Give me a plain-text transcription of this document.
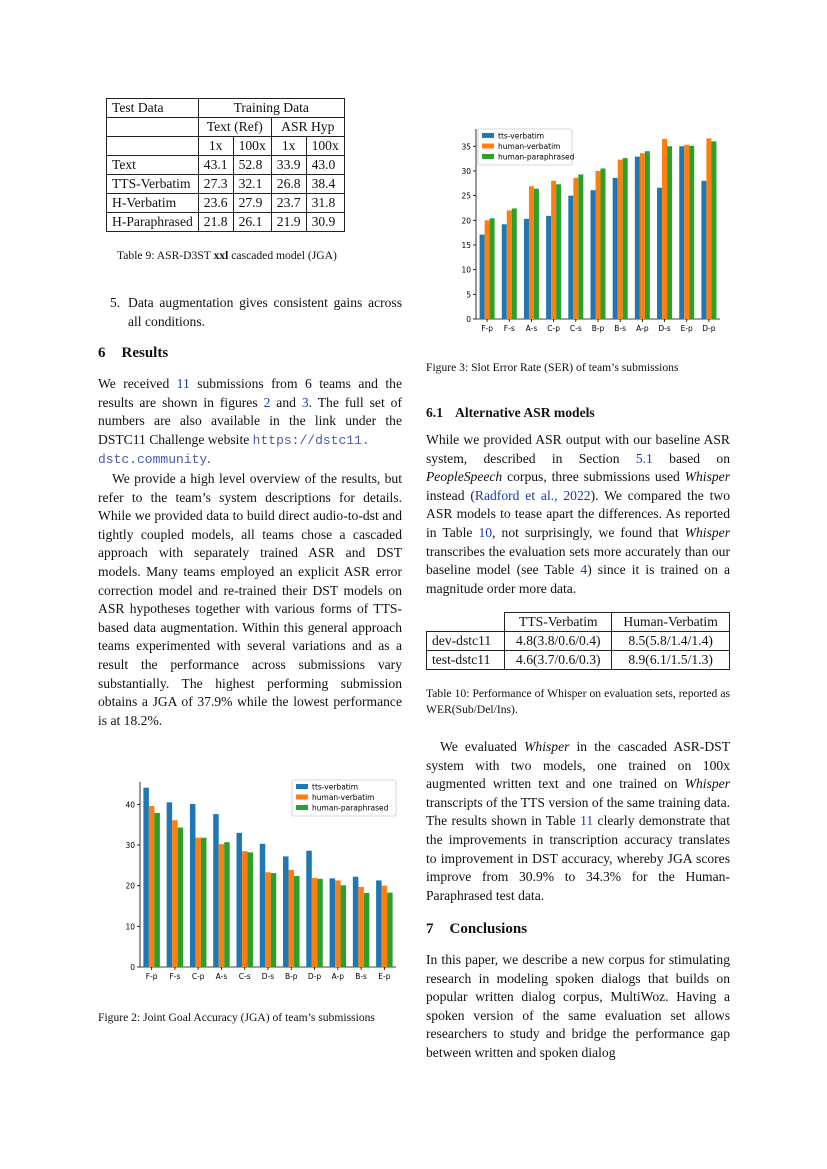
Test Data	Training Data			
	Text (Ref)		ASR Hyp	
	1x	100x	1x	100x
Text	43.1	52.8	33.9	43.0
TTS-Verbatim	27.3	32.1	26.8	38.4
H-Verbatim	23.6	27.9	23.7	31.8
H-Paraphrased	21.8	26.1	21.9	30.9
Table 9: ASR-D3ST xxl cascaded model (JGA)
5. Data augmentation gives consistent gains across all conditions.
6 Results

We received 11 submissions from 6 teams and the results are shown in figures 2 and 3. The full set of numbers are also available in the link under the DSTC11 Challenge website https://dstc11.
dstc.community.

We provide a high level overview of the results, but refer to the team’s system descriptions for details. While we provided data to build direct audio-to-dst and tightly coupled models, all teams chose a cascaded approach with separately trained ASR and DST models. Many teams employed an explicit ASR error correction model and re-trained their DST models on ASR hypotheses together with various forms of TTS-based data augmentation. Within this general approach teams experimented with several variations and as a result the performance across submissions vary substantially. The highest performing submission obtains a JGA of 37.9% while the lowest performance is at 18.2%.

0
10
20
30
40
F-p F-s C-p A-s C-s D-s B-p D-p A-p B-s E-p
tts-verbatim
human-verbatim
human-paraphrased
Figure 2: Joint Goal Accuracy (JGA) of team’s submissions
0
5
10
15
20
25
30
35
F-p F-s A-s C-p C-s B-p B-s A-p D-s E-p D-p
tts-verbatim
human-verbatim
human-paraphrased
Figure 3: Slot Error Rate (SER) of team’s submissions
6.1 Alternative ASR models

While we provided ASR output with our baseline ASR system, described in Section 5.1 based on PeopleSpeech corpus, three submissions used Whisper instead (Radford et al., 2022). We compared the two ASR models to tease apart the differences. As reported in Table 10, not surprisingly, we found that Whisper transcribes the evaluation sets more accurately than our baseline model (see Table 4) since it is trained on a magnitude order more data.

	TTS-Verbatim	Human-Verbatim
dev-dstc11	4.8(3.8/0.6/0.4)	8.5(5.8/1.4/1.4)
test-dstc11	4.6(3.7/0.6/0.3)	8.9(6.1/1.5/1.3)
Table 10: Performance of Whisper on evaluation sets, reported as WER(Sub/Del/Ins).

We evaluated Whisper in the cascaded ASR-DST system with two models, one trained on 100x augmented written text and one trained on Whisper transcripts of the TTS version of the same training data. The results shown in Table 11 clearly demonstrate that the improvements in transcription accuracy translates to improvement in DST accuracy, whereby JGA scores improve from 30.9% to 34.3% for the Human-Paraphrased test data.

7 Conclusions

In this paper, we describe a new corpus for stimulating research in modeling spoken dialogs that builds on popular written dialog corpus, MultiWoz. Having a spoken version of the same evaluation set allows researchers to study and bridge the performance gap between written and spoken dialog
